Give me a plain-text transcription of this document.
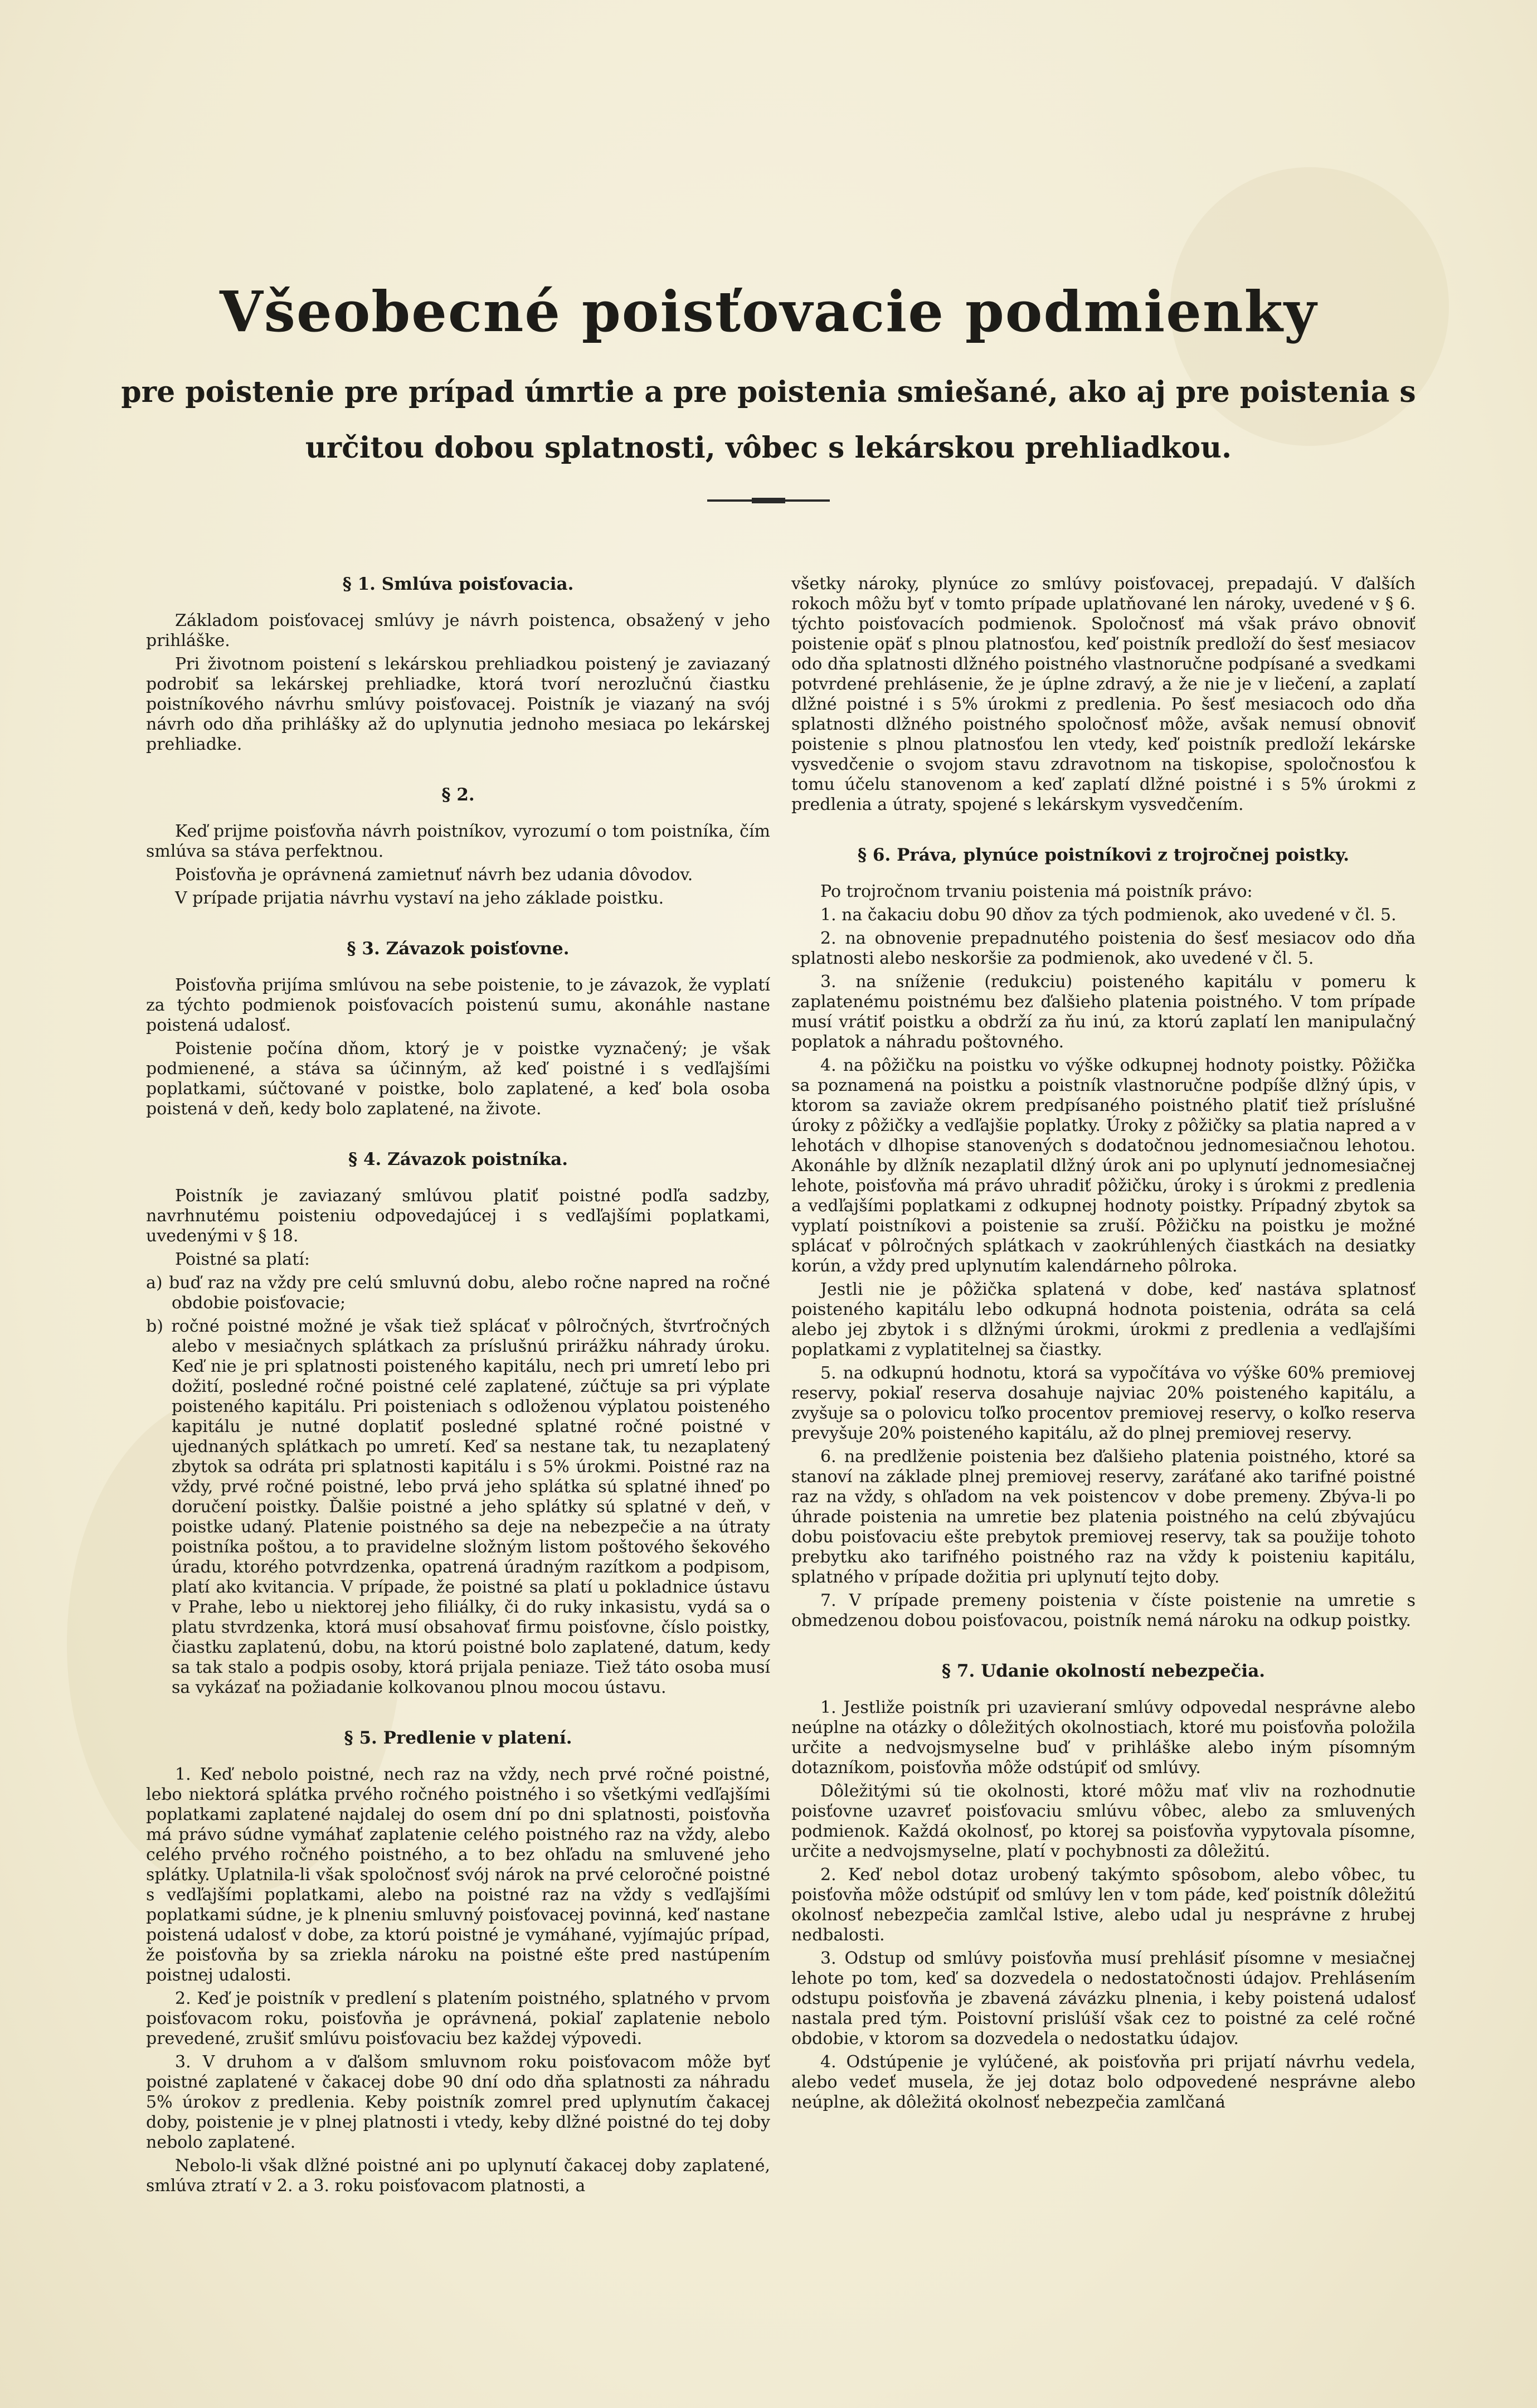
Všeobecné poisťovacie podmienky
pre poistenie pre prípad úmrtie a pre poistenia smiešané, ako aj pre poistenia s určitou dobou splatnosti, vôbec s lekárskou prehliadkou.
§ 1. Smlúva poisťovacia.

Základom poisťovacej smlúvy je návrh poistenca, obsažený v jeho prihláške.

Pri životnom poistení s lekárskou prehliadkou poistený je zaviazaný podrobiť sa lekárskej prehliadke, ktorá tvorí nerozlučnú čiastku poistníkového návrhu smlúvy poisťovacej. Poistník je viazaný na svój návrh odo dňa prihlášky až do uplynutia jednoho mesiaca po lekárskej prehliadke.

§ 2.

Keď prijme poisťovňa návrh poistníkov, vyrozumí o tom poistníka, čím smlúva sa stáva perfektnou.

Poisťovňa je oprávnená zamietnuť návrh bez udania dôvodov.

V prípade prijatia návrhu vystaví na jeho základe poistku.

§ 3. Závazok poisťovne.

Poisťovňa prijíma smlúvou na sebe poistenie, to je závazok, že vyplatí za týchto podmienok poisťovacích poistenú sumu, akonáhle nastane poistená udalosť.

Poistenie počína dňom, ktorý je v poistke vyznačený; je však podmienené, a stáva sa účinným, až keď poistné i s vedľajšími poplatkami, súčtované v poistke, bolo zaplatené, a keď bola osoba poistená v deň, kedy bolo zaplatené, na živote.

§ 4. Závazok poistníka.

Poistník je zaviazaný smlúvou platiť poistné podľa sadzby, navrhnutému poisteniu odpovedajúcej i s vedľajšími poplatkami, uvedenými v § 18.

Poistné sa platí:

a) buď raz na vždy pre celú smluvnú dobu, alebo ročne napred na ročné obdobie poisťovacie;

b) ročné poistné možné je však tiež splácať v pôlročných, štvrťročných alebo v mesiačnych splátkach za príslušnú prirážku náhrady úroku. Keď nie je pri splatnosti poisteného kapitálu, nech pri umretí lebo pri dožití, posledné ročné poistné celé zaplatené, zúčtuje sa pri výplate poisteného kapitálu. Pri poisteniach s odloženou výplatou poisteného kapitálu je nutné doplatiť posledné splatné ročné poistné v ujednaných splátkach po umretí. Keď sa nestane tak, tu nezaplatený zbytok sa odráta pri splatnosti kapitálu i s 5% úrokmi. Poistné raz na vždy, prvé ročné poistné, lebo prvá jeho splátka sú splatné ihneď po doručení poistky. Ďalšie poistné a jeho splátky sú splatné v deň, v poistke udaný. Platenie poistného sa deje na nebezpečie a na útraty poistníka poštou, a to pravidelne složným listom poštového šekového úradu, ktorého potvrdzenka, opatrená úradným razítkom a podpisom, platí ako kvitancia. V prípade, že poistné sa platí u pokladnice ústavu v Prahe, lebo u niektorej jeho filiálky, či do ruky inkasistu, vydá sa o platu stvrdzenka, ktorá musí obsahovať firmu poisťovne, číslo poistky, čiastku zaplatenú, dobu, na ktorú poistné bolo zaplatené, datum, kedy sa tak stalo a podpis osoby, ktorá prijala peniaze. Tiež táto osoba musí sa vykázať na požiadanie kolkovanou plnou mocou ústavu.

§ 5. Predlenie v platení.

1. Keď nebolo poistné, nech raz na vždy, nech prvé ročné poistné, lebo niektorá splátka prvého ročného poistného i so všetkými vedľajšími poplatkami zaplatené najdalej do osem dní po dni splatnosti, poisťovňa má právo súdne vymáhať zaplatenie celého poistného raz na vždy, alebo celého prvého ročného poistného, a to bez ohľadu na smluvené jeho splátky. Uplatnila-li však spoločnosť svój nárok na prvé celoročné poistné s vedľajšími poplatkami, alebo na poistné raz na vždy s vedľajšími poplatkami súdne, je k plneniu smluvný poisťovacej povinná, keď nastane poistená udalosť v dobe, za ktorú poistné je vymáhané, vyjímajúc prípad, že poisťovňa by sa zriekla nároku na poistné ešte pred nastúpením poistnej udalosti.

2. Keď je poistník v predlení s platením poistného, splatného v prvom poisťovacom roku, poisťovňa je oprávnená, pokiaľ zaplatenie nebolo prevedené, zrušiť smlúvu poisťovaciu bez každej výpovedi.

3. V druhom a v ďalšom smluvnom roku poisťovacom môže byť poistné zaplatené v čakacej dobe 90 dní odo dňa splatnosti za náhradu 5% úrokov z predlenia. Keby poistník zomrel pred uplynutím čakacej doby, poistenie je v plnej platnosti i vtedy, keby dlžné poistné do tej doby nebolo zaplatené.

Nebolo-li však dlžné poistné ani po uplynutí čakacej doby zaplatené, smlúva ztratí v 2. a 3. roku poisťovacom platnosti, a

všetky nároky, plynúce zo smlúvy poisťovacej, prepadajú. V ďalších rokoch môžu byť v tomto prípade uplatňované len nároky, uvedené v § 6. týchto poisťovacích podmienok. Spoločnosť má však právo obnoviť poistenie opäť s plnou platnosťou, keď poistník predloží do šesť mesiacov odo dňa splatnosti dlžného poistného vlastnoručne podpísané a svedkami potvrdené prehlásenie, že je úplne zdravý, a že nie je v liečení, a zaplatí dlžné poistné i s 5% úrokmi z predlenia. Po šesť mesiacoch odo dňa splatnosti dlžného poistného spoločnosť môže, avšak nemusí obnoviť poistenie s plnou platnosťou len vtedy, keď poistník predloží lekárske vysvedčenie o svojom stavu zdravotnom na tiskopise, spoločnosťou k tomu účelu stanovenom a keď zaplatí dlžné poistné i s 5% úrokmi z predlenia a útraty, spojené s lekárskym vysvedčením.

§ 6. Práva, plynúce poistníkovi z trojročnej poistky.

Po trojročnom trvaniu poistenia má poistník právo:

1. na čakaciu dobu 90 dňov za tých podmienok, ako uvedené v čl. 5.

2. na obnovenie prepadnutého poistenia do šesť mesiacov odo dňa splatnosti alebo neskoršie za podmienok, ako uvedené v čl. 5.

3. na sníženie (redukciu) poisteného kapitálu v pomeru k zaplatenému poistnému bez ďalšieho platenia poistného. V tom prípade musí vrátiť poistku a obdrží za ňu inú, za ktorú zaplatí len manipulačný poplatok a náhradu poštovného.

4. na pôžičku na poistku vo výške odkupnej hodnoty poistky. Pôžička sa poznamená na poistku a poistník vlastnoručne podpíše dlžný úpis, v ktorom sa zaviaže okrem predpísaného poistného platiť tiež príslušné úroky z pôžičky a vedľajšie poplatky. Úroky z pôžičky sa platia napred a v lehotách v dlhopise stanovených s dodatočnou jednomesiačnou lehotou. Akonáhle by dlžník nezaplatil dlžný úrok ani po uplynutí jednomesiačnej lehote, poisťovňa má právo uhradiť pôžičku, úroky i s úrokmi z predlenia a vedľajšími poplatkami z odkupnej hodnoty poistky. Prípadný zbytok sa vyplatí poistníkovi a poistenie sa zruší. Pôžičku na poistku je možné splácať v pôlročných splátkach v zaokrúhlených čiastkách na desiatky korún, a vždy pred uplynutím kalendárneho pôlroka.

Jestli nie je pôžička splatená v dobe, keď nastáva splatnosť poisteného kapitálu lebo odkupná hodnota poistenia, odráta sa celá alebo jej zbytok i s dlžnými úrokmi, úrokmi z predlenia a vedľajšími poplatkami z vyplatitelnej sa čiastky.

5. na odkupnú hodnotu, ktorá sa vypočítáva vo výške 60% premiovej reservy, pokiaľ reserva dosahuje najviac 20% poisteného kapitálu, a zvyšuje sa o polovicu toľko procentov premiovej reservy, o koľko reserva prevyšuje 20% poisteného kapitálu, až do plnej premiovej reservy.

6. na predlženie poistenia bez ďalšieho platenia poistného, ktoré sa stanoví na základe plnej premiovej reservy, zaráťané ako tarifné poistné raz na vždy, s ohľadom na vek poistencov v dobe premeny. Zbýva-li po úhrade poistenia na umretie bez platenia poistného na celú zbývajúcu dobu poisťovaciu ešte prebytok premiovej reservy, tak sa použije tohoto prebytku ako tarifného poistného raz na vždy k poisteniu kapitálu, splatného v prípade dožitia pri uplynutí tejto doby.

7. V prípade premeny poistenia v číste poistenie na umretie s obmedzenou dobou poisťovacou, poistník nemá nároku na odkup poistky.

§ 7. Udanie okolností nebezpečia.

1. Jestliže poistník pri uzavieraní smlúvy odpovedal nesprávne alebo neúplne na otázky o dôležitých okolnostiach, ktoré mu poisťovňa položila určite a nedvojsmyselne buď v prihláške alebo iným písomným dotazníkom, poisťovňa môže odstúpiť od smlúvy.

Dôležitými sú tie okolnosti, ktoré môžu mať vliv na rozhodnutie poisťovne uzavreť poisťovaciu smlúvu vôbec, alebo za smluvených podmienok. Každá okolnosť, po ktorej sa poisťovňa vypytovala písomne, určite a nedvojsmyselne, platí v pochybnosti za dôležitú.

2. Keď nebol dotaz urobený takýmto spôsobom, alebo vôbec, tu poisťovňa môže odstúpiť od smlúvy len v tom páde, keď poistník dôležitú okolnosť nebezpečia zamlčal lstive, alebo udal ju nesprávne z hrubej nedbalosti.

3. Odstup od smlúvy poisťovňa musí prehlásiť písomne v mesiačnej lehote po tom, keď sa dozvedela o nedostatočnosti údajov. Prehlásením odstupu poisťovňa je zbavená závázku plnenia, i keby poistená udalosť nastala pred tým. Poistovní prislúší však cez to poistné za celé ročné obdobie, v ktorom sa dozvedela o nedostatku údajov.

4. Odstúpenie je vylúčené, ak poisťovňa pri prijatí návrhu vedela, alebo vedeť musela, že jej dotaz bolo odpovedené nesprávne alebo neúplne, ak dôležitá okolnosť nebezpečia zamlčaná
